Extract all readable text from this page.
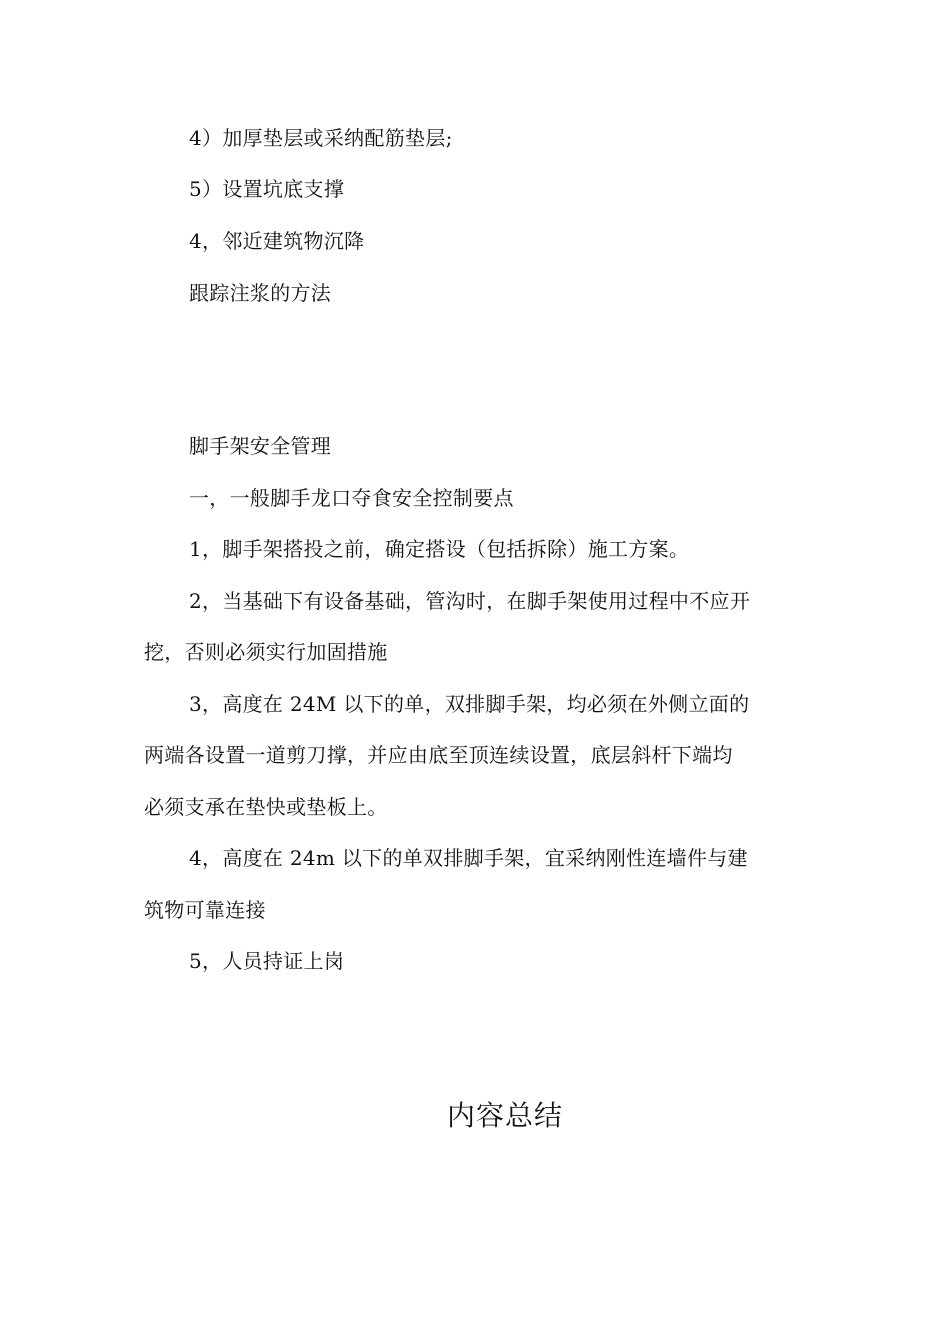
4）加厚垫层或采纳配筋垫层;
5）设置坑底支撑
4，邻近建筑物沉降
跟踪注浆的方法
脚手架安全管理
一，一般脚手龙口夺食安全控制要点
1，脚手架搭投之前，确定搭设（包括拆除）施工方案。
2，当基础下有设备基础，管沟时，在脚手架使用过程中不应开
挖，否则必须实行加固措施
3，高度在 24M 以下的单，双排脚手架，均必须在外侧立面的
两端各设置一道剪刀撑，并应由底至顶连续设置，底层斜杆下端均
必须支承在垫快或垫板上。
4，高度在 24m 以下的单双排脚手架，宜采纳刚性连墙件与建
筑物可靠连接
5，人员持证上岗
内容总结
